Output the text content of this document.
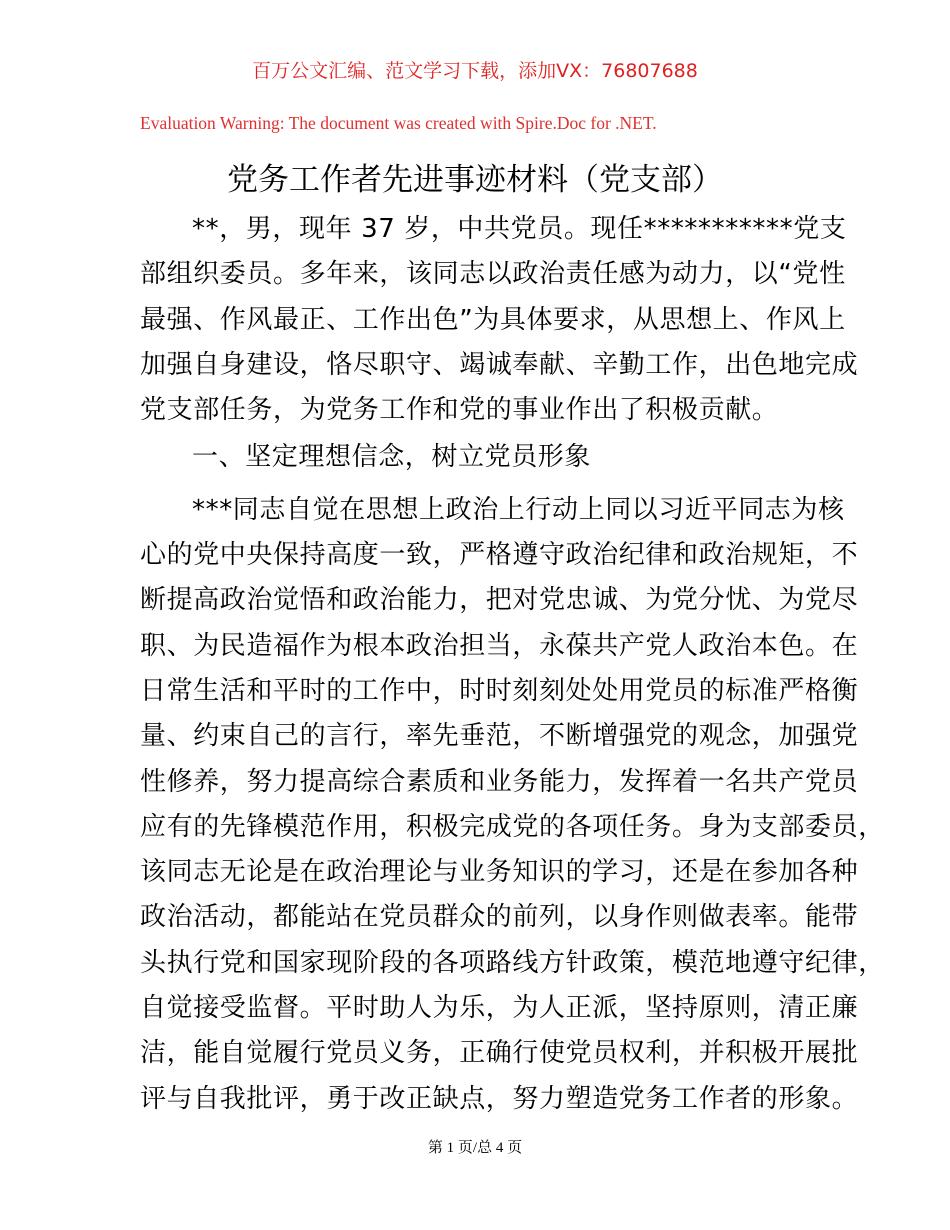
百万公文汇编、范文学习下载，添加VX：76807688
Evaluation Warning: The document was created with Spire.Doc for .NET.
党务工作者先进事迹材料（党支部）
**，男，现年 37 岁，中共党员。现任***********党支
部组织委员。多年来，该同志以政治责任感为动力，以“党性
最强、作风最正、工作出色”为具体要求，从思想上、作风上
加强自身建设，恪尽职守、竭诚奉献、辛勤工作，出色地完成
党支部任务，为党务工作和党的事业作出了积极贡献。
一、坚定理想信念，树立党员形象
***同志自觉在思想上政治上行动上同以习近平同志为核
心的党中央保持高度一致，严格遵守政治纪律和政治规矩，不
断提高政治觉悟和政治能力，把对党忠诚、为党分忧、为党尽
职、为民造福作为根本政治担当，永葆共产党人政治本色。在
日常生活和平时的工作中，时时刻刻处处用党员的标准严格衡
量、约束自己的言行，率先垂范，不断增强党的观念，加强党
性修养，努力提高综合素质和业务能力，发挥着一名共产党员
应有的先锋模范作用，积极完成党的各项任务。身为支部委员，
该同志无论是在政治理论与业务知识的学习，还是在参加各种
政治活动，都能站在党员群众的前列，以身作则做表率。能带
头执行党和国家现阶段的各项路线方针政策，模范地遵守纪律，
自觉接受监督。平时助人为乐，为人正派，坚持原则，清正廉
洁，能自觉履行党员义务，正确行使党员权利，并积极开展批
评与自我批评，勇于改正缺点，努力塑造党务工作者的形象。
第 1 页/总 4 页
